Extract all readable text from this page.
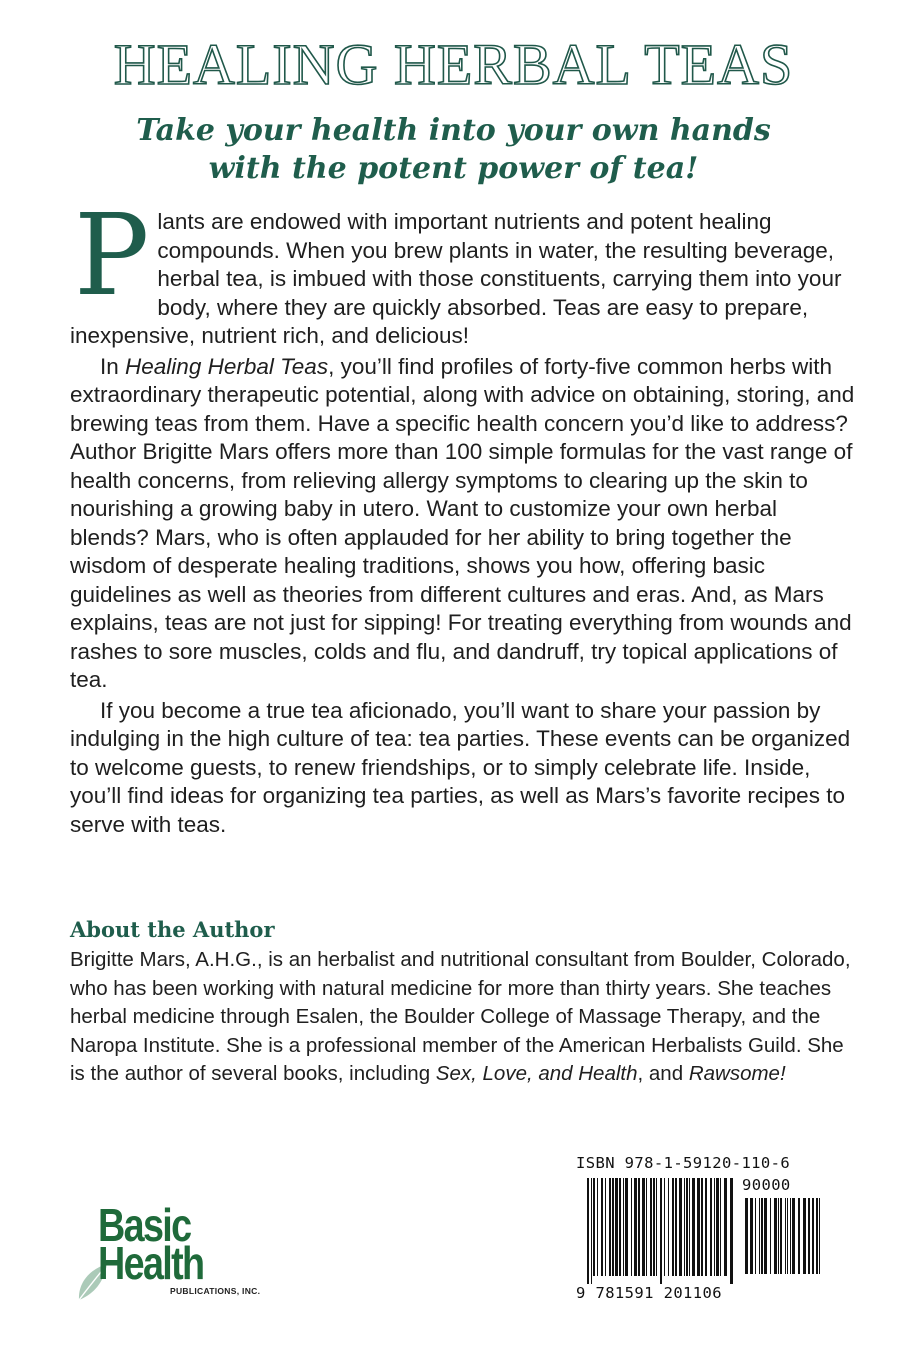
HEALING HERBAL TEAS
Take your health into your own hands
with the potent power of tea!

Plants are endowed with important nutrients and potent healing compounds. When you brew plants in water, the resulting beverage, herbal tea, is imbued with those constituents, carrying them into your body, where they are quickly absorbed. Teas are easy to prepare, inexpensive, nutrient rich, and delicious!

In Healing Herbal Teas, you’ll find profiles of forty-five common herbs with extraordinary therapeutic potential, along with advice on obtaining, storing, and brewing teas from them. Have a specific health concern you’d like to address? Author Brigitte Mars offers more than 100 simple formulas for the vast range of health concerns, from relieving allergy symptoms to clearing up the skin to nourishing a growing baby in utero. Want to customize your own herbal blends? Mars, who is often applauded for her ability to bring together the wisdom of desperate healing traditions, shows you how, offering basic guidelines as well as theories from different cultures and eras. And, as Mars explains, teas are not just for sipping! For treating everything from wounds and rashes to sore muscles, colds and flu, and dandruff, try topical applications of tea.

If you become a true tea aficionado, you’ll want to share your passion by indulging in the high culture of tea: tea parties. These events can be organized to welcome guests, to renew friendships, or to simply celebrate life. Inside, you’ll find ideas for organizing tea parties, as well as Mars’s favorite recipes to serve with teas.

About the Author

Brigitte Mars, A.H.G., is an herbalist and nutritional consultant from Boulder, Colorado, who has been working with natural medicine for more than thirty years. She teaches herbal medicine through Esalen, the Boulder College of Massage Therapy, and the Naropa Institute. She is a professional member of the American Herbalists Guild. She is the author of several books, including Sex, Love, and Health, and Rawsome!

Basic
Health
PUBLICATIONS, INC.
ISBN 978-1-59120-110-6
90000
9 781591 201106
